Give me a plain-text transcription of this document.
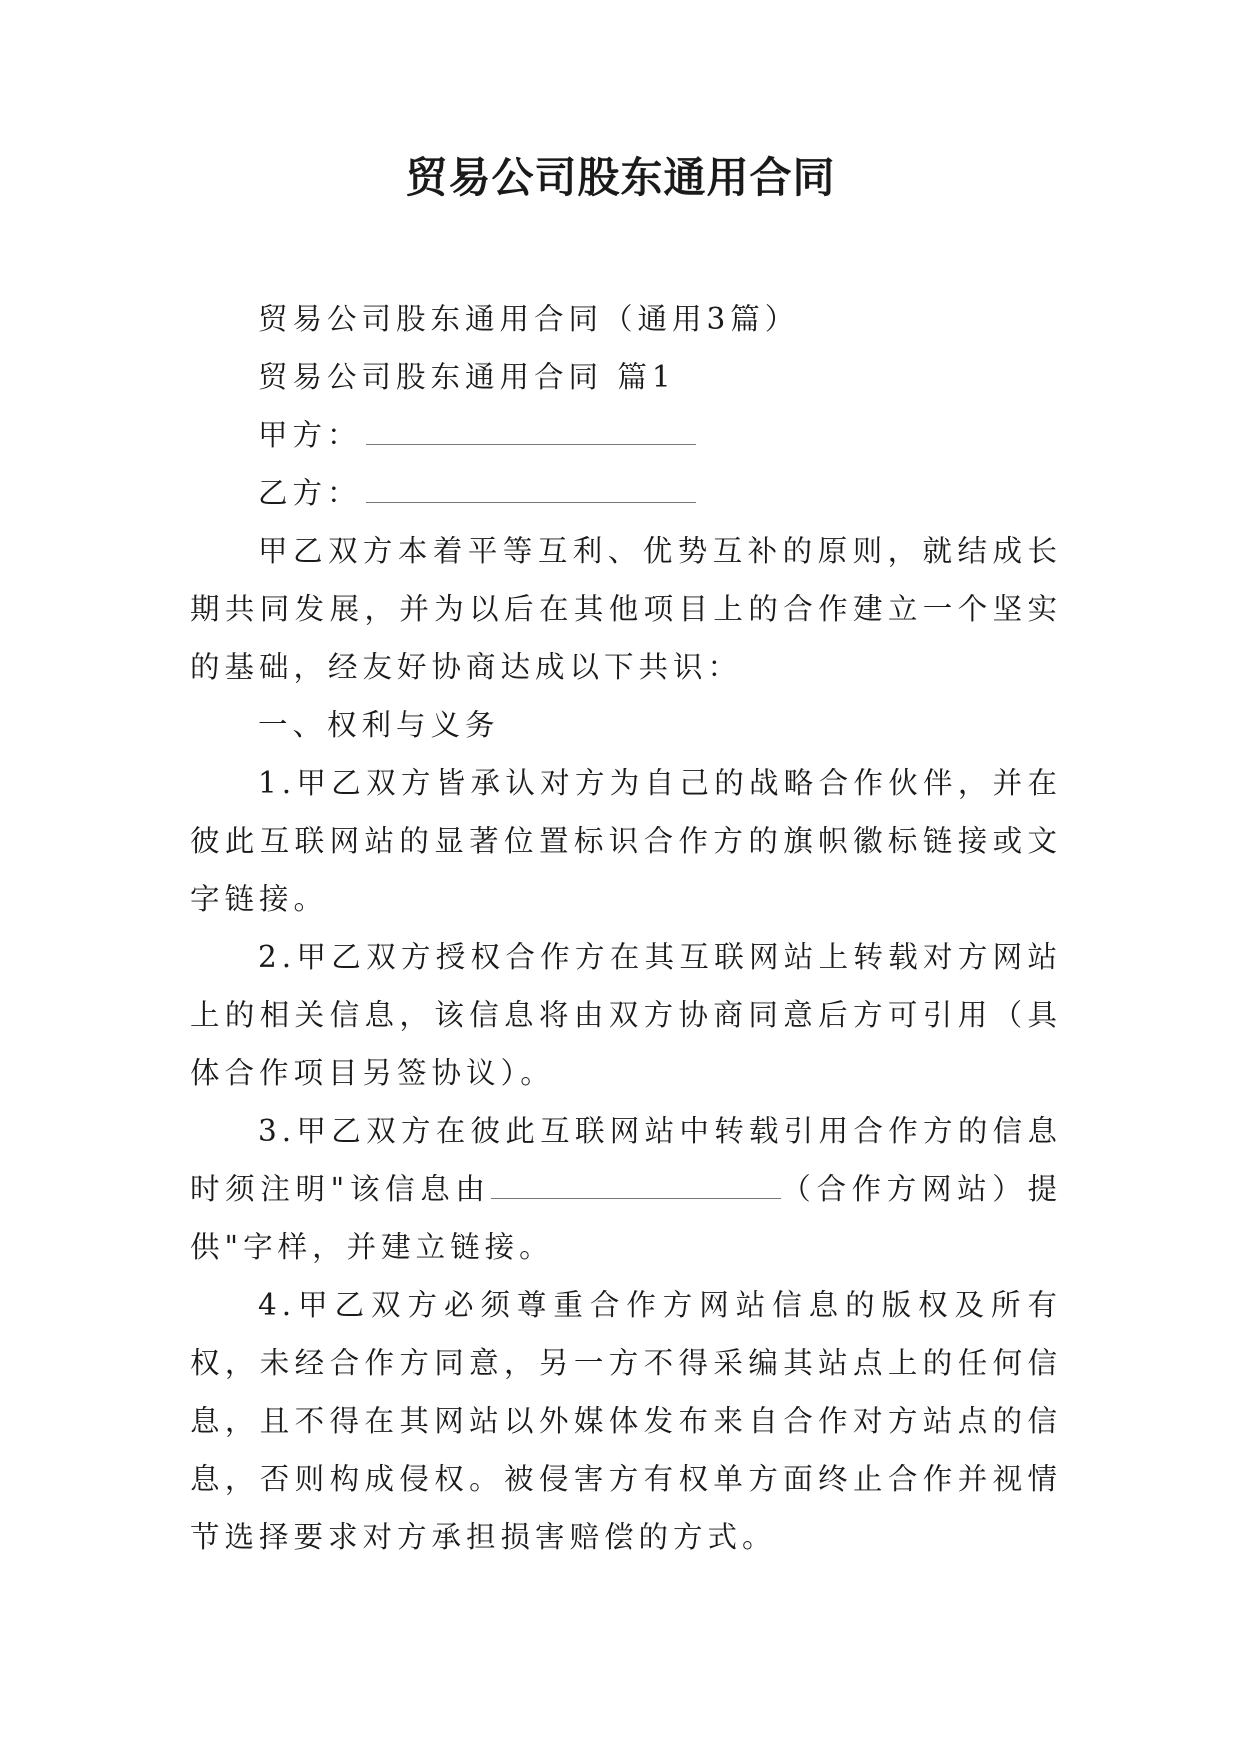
贸易公司股东通用合同

贸易公司股东通用合同（通用3篇）

贸易公司股东通用合同 篇1

甲方：

乙方：

甲乙双方本着平等互利、优势互补的原则，就结成长期共同发展，并为以后在其他项目上的合作建立一个坚实的基础，经友好协商达成以下共识：

一、权利与义务

1.甲乙双方皆承认对方为自己的战略合作伙伴，并在彼此互联网站的显著位置标识合作方的旗帜徽标链接或文字链接。

2.甲乙双方授权合作方在其互联网站上转载对方网站上的相关信息，该信息将由双方协商同意后方可引用（具体合作项目另签协议）。

3.甲乙双方在彼此互联网站中转载引用合作方的信息时须注明"该信息由	（合作方网站）提供"字样，并建立链接。

4.甲乙双方必须尊重合作方网站信息的版权及所有权，未经合作方同意，另一方不得采编其站点上的任何信息，且不得在其网站以外媒体发布来自合作对方站点的信息，否则构成侵权。被侵害方有权单方面终止合作并视情节选择要求对方承担损害赔偿的方式。
